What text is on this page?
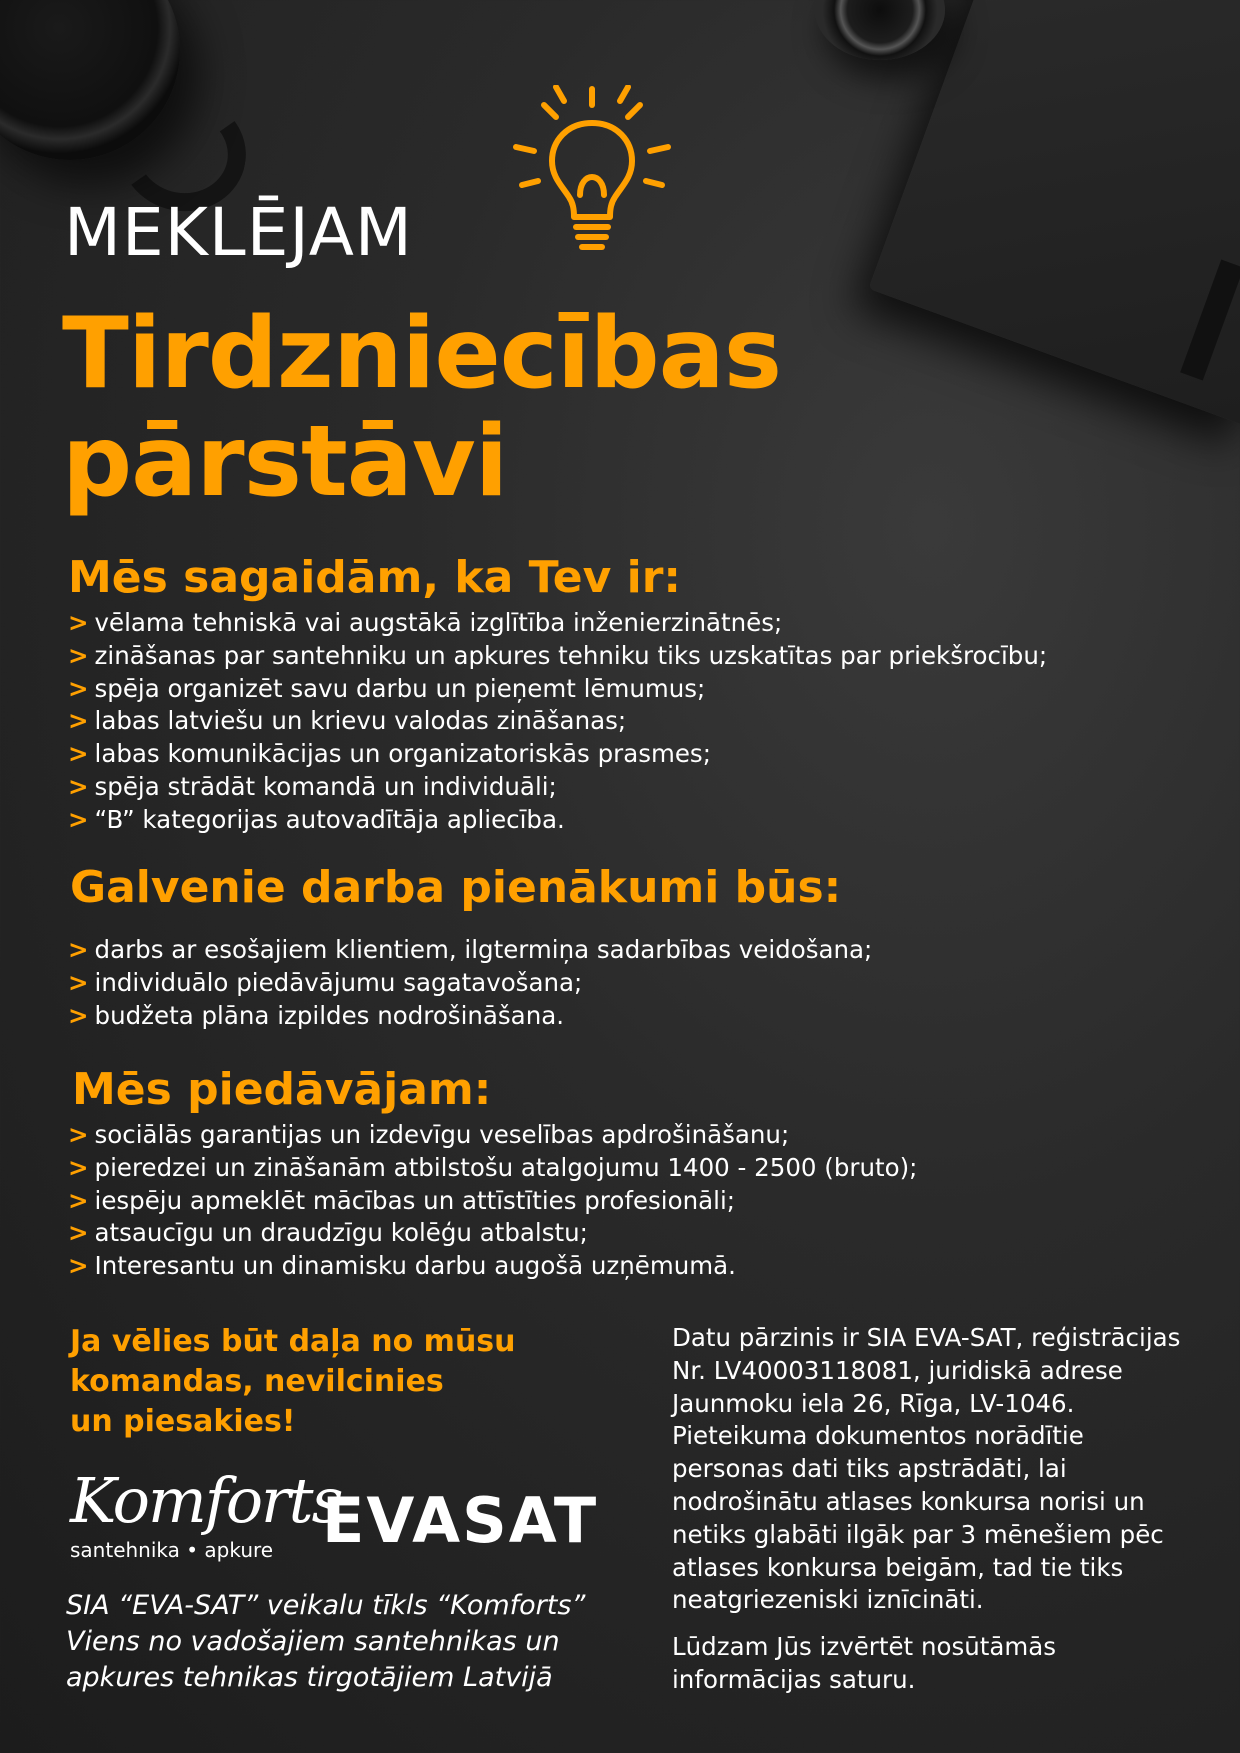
MEKLĒJAM
Tirdzniecības
pārstāvi
Mēs sagaidām, ka Tev ir:
> vēlama tehniskā vai augstākā izglītība inženierzinātnēs;
> zināšanas par santehniku un apkures tehniku tiks uzskatītas par priekšrocību;
> spēja organizēt savu darbu un pieņemt lēmumus;
> labas latviešu un krievu valodas zināšanas;
> labas komunikācijas un organizatoriskās prasmes;
> spēja strādāt komandā un individuāli;
> “B” kategorijas autovadītāja apliecība.
Galvenie darba pienākumi būs:
> darbs ar esošajiem klientiem, ilgtermiņa sadarbības veidošana;
> individuālo piedāvājumu sagatavošana;
> budžeta plāna izpildes nodrošināšana.
Mēs piedāvājam:
> sociālās garantijas un izdevīgu veselības apdrošināšanu;
> pieredzei un zināšanām atbilstošu atalgojumu 1400 - 2500 (bruto);
> iespēju apmeklēt mācības un attīstīties profesionāli;
> atsaucīgu un draudzīgu kolēģu atbalstu;
> Interesantu un dinamisku darbu augošā uzņēmumā.
Ja vēlies būt daļa no mūsu
komandas, nevilcinies
un piesakies!
Komforts
santehnika • apkure EVASAT
SIA “EVA-SAT” veikalu tīkls “Komforts”
Viens no vadošajiem santehnikas un
apkures tehnikas tirgotājiem Latvijā

Datu pārzinis ir SIA EVA-SAT, reģistrācijas Nr. LV40003118081, juridiskā adrese Jaunmoku iela 26, Rīga, LV-1046. Pieteikuma dokumentos norādītie personas dati tiks apstrādāti, lai nodrošinātu atlases konkursa norisi un netiks glabāti ilgāk par 3 mēnešiem pēc atlases konkursa beigām, tad tie tiks neatgriezeniski iznīcināti.

Lūdzam Jūs izvērtēt nosūtāmās informācijas saturu.
